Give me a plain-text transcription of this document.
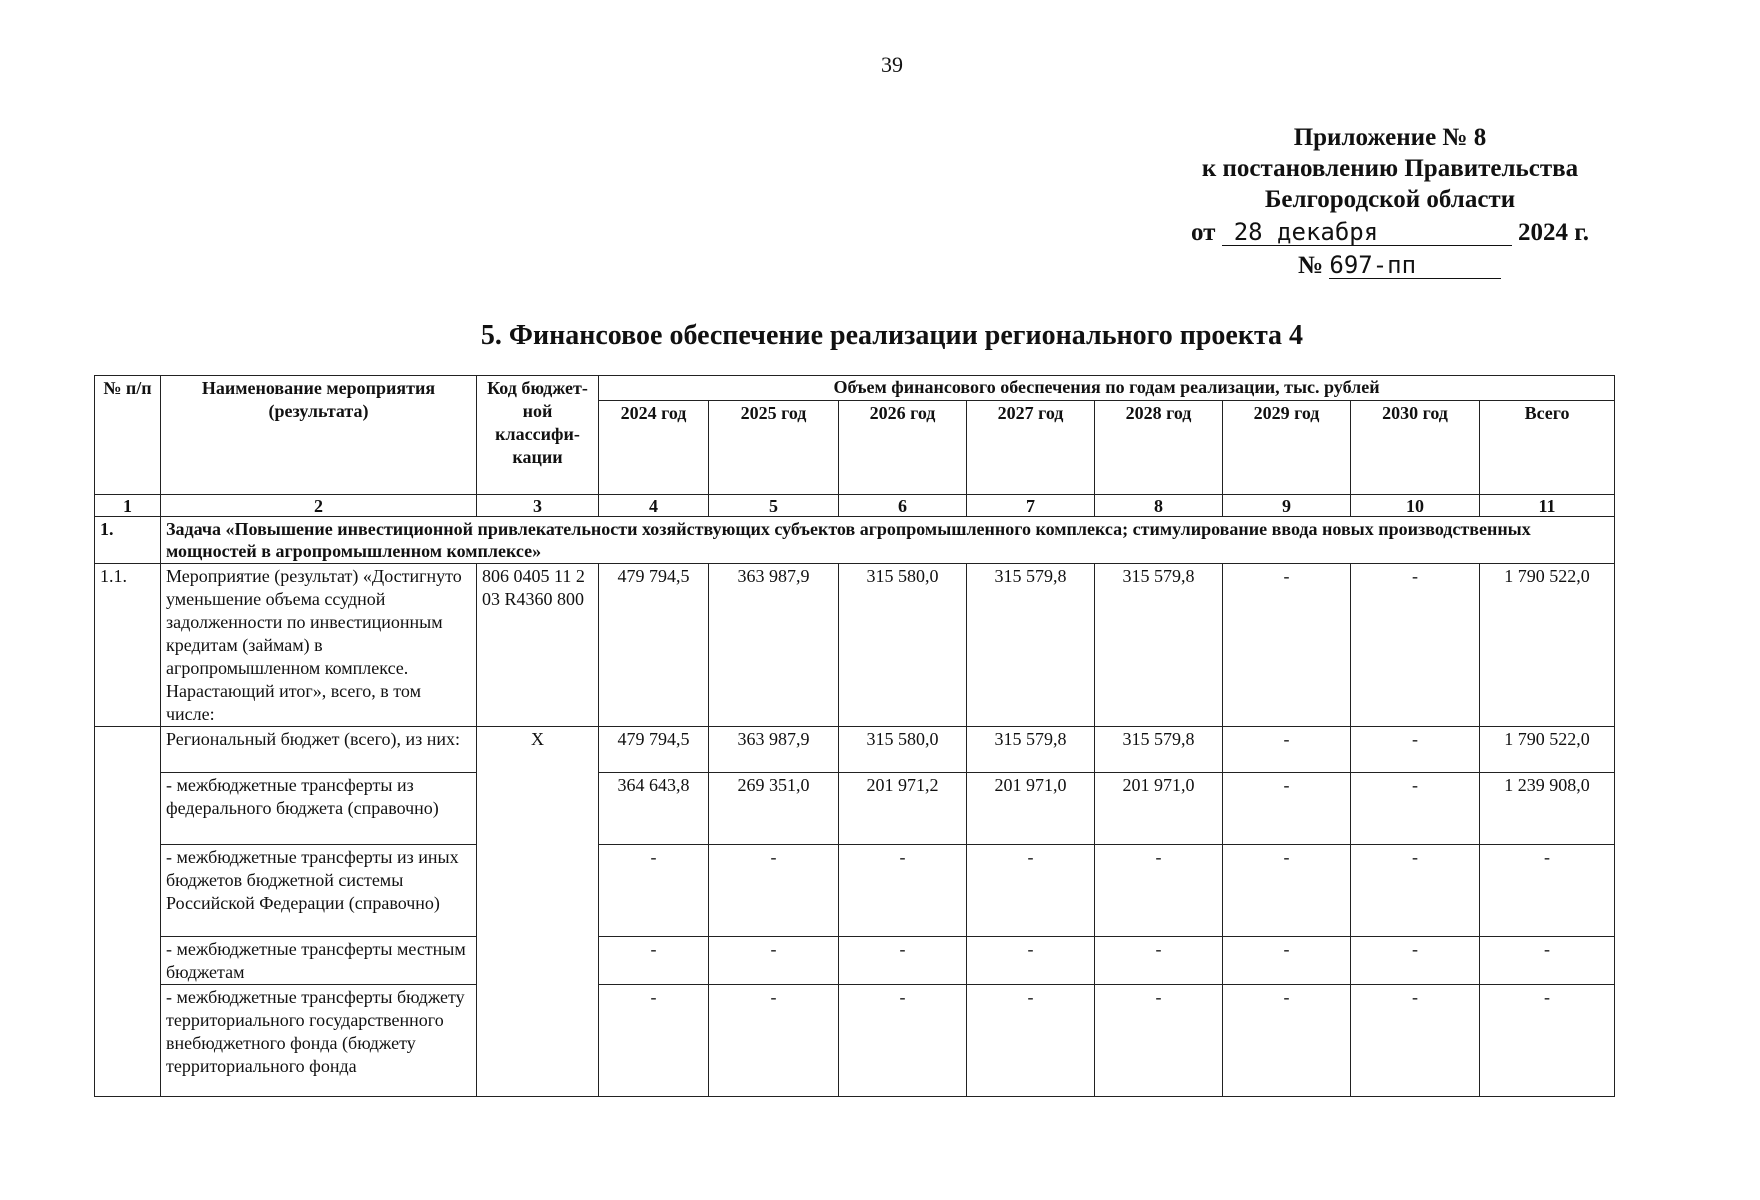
39
Приложение № 8
к постановлению Правительства
Белгородской области
от 28 декабря	2024 г.
№ 697-пп
5. Финансовое обеспечение реализации регионального проекта 4
№ п/п	Наименование мероприятия (результата)	Код бюджет-ной классифи-кации	Объем финансового обеспечения по годам реализации, тыс. рублей							
			2024 год	2025 год	2026 год	2027 год	2028 год	2029 год	2030 год	Всего
1	2	3	4	5	6	7	8	9	10	11
1.	Задача «Повышение инвестиционной привлекательности хозяйствующих субъектов агропромышленного комплекса; стимулирование ввода новых производственных мощностей в агропромышленном комплексе»									
1.1.	Мероприятие (результат) «Достигнуто уменьшение объема ссудной задолженности по инвестиционным кредитам (займам) в агропромышленном комплексе. Нарастающий итог», всего, в том числе:	806 0405 11 2 03 R4360 800	479 794,5	363 987,9	315 580,0	315 579,8	315 579,8	-	-	1 790 522,0
	Региональный бюджет (всего), из них:	Х	479 794,5	363 987,9	315 580,0	315 579,8	315 579,8	-	-	1 790 522,0
	- межбюджетные трансферты из федерального бюджета (справочно)		364 643,8	269 351,0	201 971,2	201 971,0	201 971,0	-	-	1 239 908,0
	- межбюджетные трансферты из иных бюджетов бюджетной системы Российской Федерации (справочно)		-	-	-	-	-	-	-	-
	- межбюджетные трансферты местным бюджетам		-	-	-	-	-	-	-	-
	- межбюджетные трансферты бюджету территориального государственного внебюджетного фонда (бюджету территориального фонда		-	-	-	-	-	-	-	-
